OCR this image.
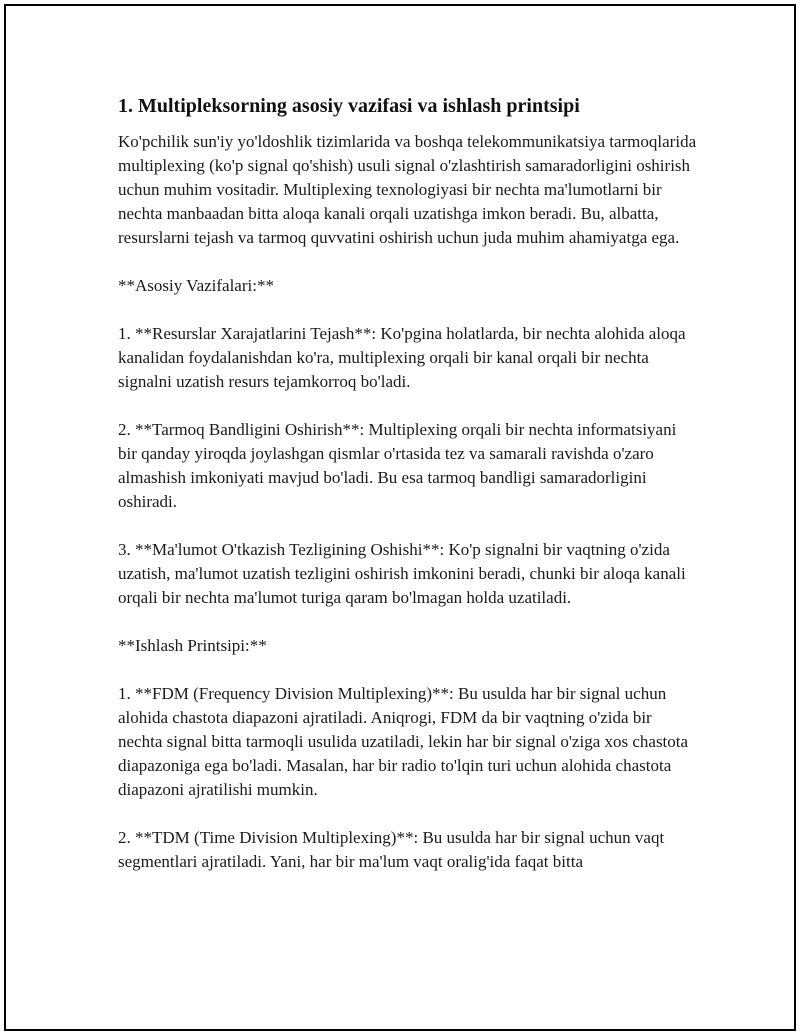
1. Multipleksorning asosiy vazifasi va ishlash printsipi

Ko'pchilik sun'iy yo'ldoshlik tizimlarida va boshqa telekommunikatsiya tarmoqlarida multiplexing (ko'p signal qo'shish) usuli signal o'zlashtirish samaradorligini oshirish uchun muhim vositadir. Multiplexing texnologiyasi bir nechta ma'lumotlarni bir nechta manbaadan bitta aloqa kanali orqali uzatishga imkon beradi. Bu, albatta, resurslarni tejash va tarmoq quvvatini oshirish uchun juda muhim ahamiyatga ega.

**Asosiy Vazifalari:**

1. **Resurslar Xarajatlarini Tejash**: Ko'pgina holatlarda, bir nechta alohida aloqa kanalidan foydalanishdan ko'ra, multiplexing orqali bir kanal orqali bir nechta signalni uzatish resurs tejamkorroq bo'ladi.

2. **Tarmoq Bandligini Oshirish**: Multiplexing orqali bir nechta informatsiyani bir qanday yiroqda joylashgan qismlar o'rtasida tez va samarali ravishda o'zaro almashish imkoniyati mavjud bo'ladi. Bu esa tarmoq bandligi samaradorligini oshiradi.

3. **Ma'lumot O'tkazish Tezligining Oshishi**: Ko'p signalni bir vaqtning o'zida uzatish, ma'lumot uzatish tezligini oshirish imkonini beradi, chunki bir aloqa kanali orqali bir nechta ma'lumot turiga qaram bo'lmagan holda uzatiladi.

**Ishlash Printsipi:**

1. **FDM (Frequency Division Multiplexing)**: Bu usulda har bir signal uchun alohida chastota diapazoni ajratiladi. Aniqrogi, FDM da bir vaqtning o'zida bir nechta signal bitta tarmoqli usulida uzatiladi, lekin har bir signal o'ziga xos chastota diapazoniga ega bo'ladi. Masalan, har bir radio to'lqin turi uchun alohida chastota diapazoni ajratilishi mumkin.

2. **TDM (Time Division Multiplexing)**: Bu usulda har bir signal uchun vaqt segmentlari ajratiladi. Yani, har bir ma'lum vaqt oralig'ida faqat bitta
